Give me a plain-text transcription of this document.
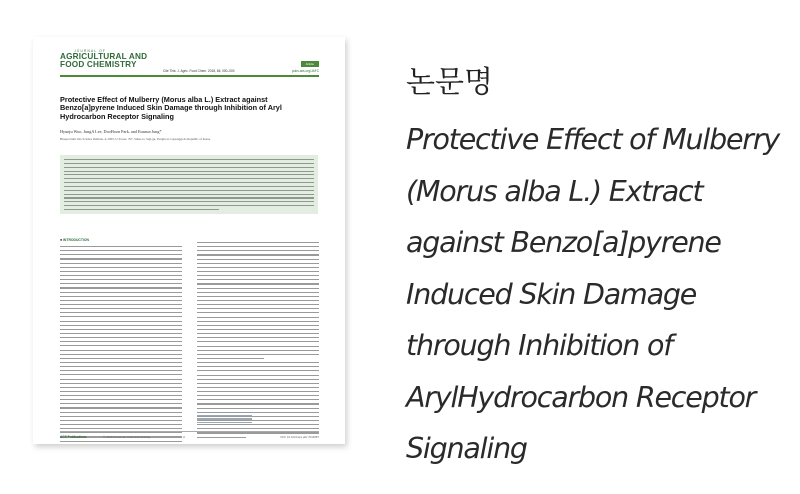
JOURNAL OF
AGRICULTURAL AND
FOOD CHEMISTRY	Article
Cite This: J. Agric. Food Chem. 2018, 66, 000–000	pubs.acs.org/JAFC
Protective Effect of Mulberry (Morus alba L.) Extract against Benzo[a]pyrene Induced Skin Damage through Inhibition of Aryl Hydrocarbon Receptor Signaling
Hyunju Woo, JungA Lee, DooHoon Park, and Eunsun Jung*
Biospectrum Life Science Institute, A-1805, U-Tower, 767, Sinsu-ro, Suji-gu, Yongin-si, Gyeonggi-do Republic of Korea
■ INTRODUCTION
ACS Publications	© 2018 American Chemical Society	A	DOI: 10.1021/acs.jafc.7b04887
논문명
Protective Effect of Mulberry (Morus alba L.) Extract against Benzo[a]pyrene Induced Skin Damage through Inhibition of ArylHydrocarbon Receptor Signaling
